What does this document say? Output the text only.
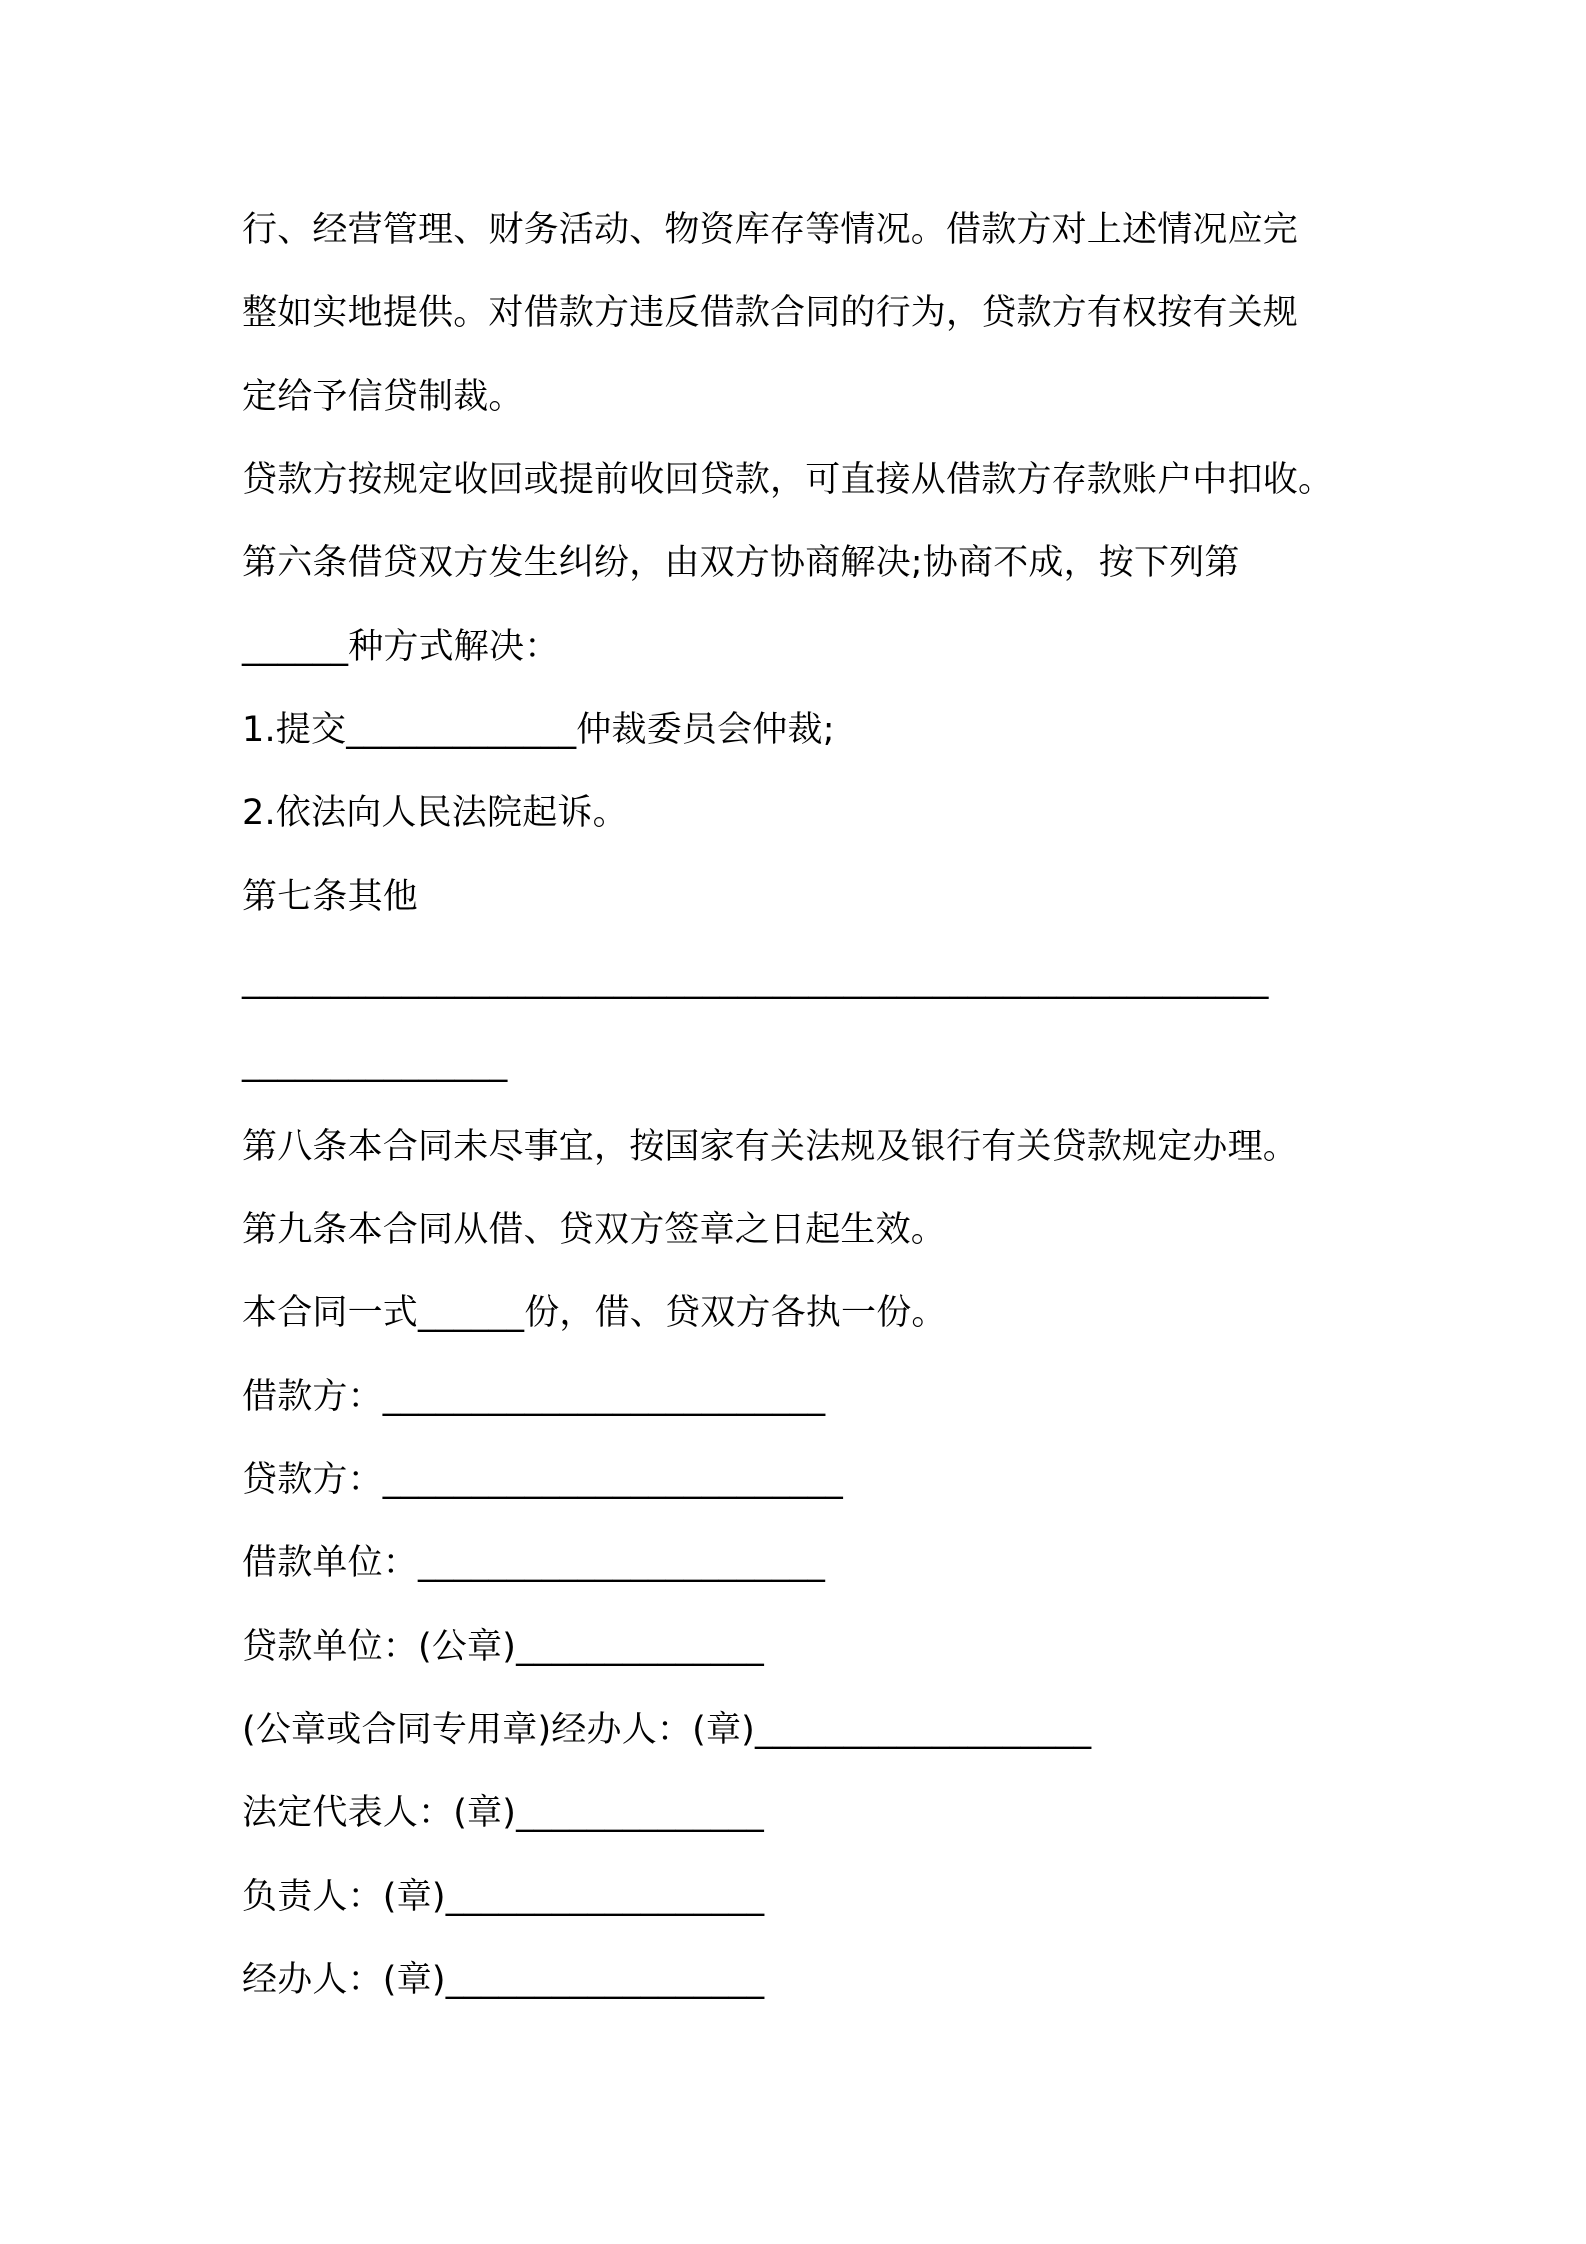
行、经营管理、财务活动、物资库存等情况。借款方对上述情况应完

整如实地提供。对借款方违反借款合同的行为，贷款方有权按有关规

定给予信贷制裁。

贷款方按规定收回或提前收回贷款，可直接从借款方存款账户中扣收。

第六条借贷双方发生纠纷，由双方协商解决;协商不成，按下列第

______种方式解决：

1.提交_____________仲裁委员会仲裁;

2.依法向人民法院起诉。

第七条其他

__________________________________________________________

_______________

第八条本合同未尽事宜，按国家有关法规及银行有关贷款规定办理。

第九条本合同从借、贷双方签章之日起生效。

本合同一式______份，借、贷双方各执一份。

借款方：_________________________

贷款方：__________________________

借款单位：_______________________

贷款单位：(公章)______________

(公章或合同专用章)经办人：(章)___________________

法定代表人：(章)______________

负责人：(章)__________________

经办人：(章)__________________
